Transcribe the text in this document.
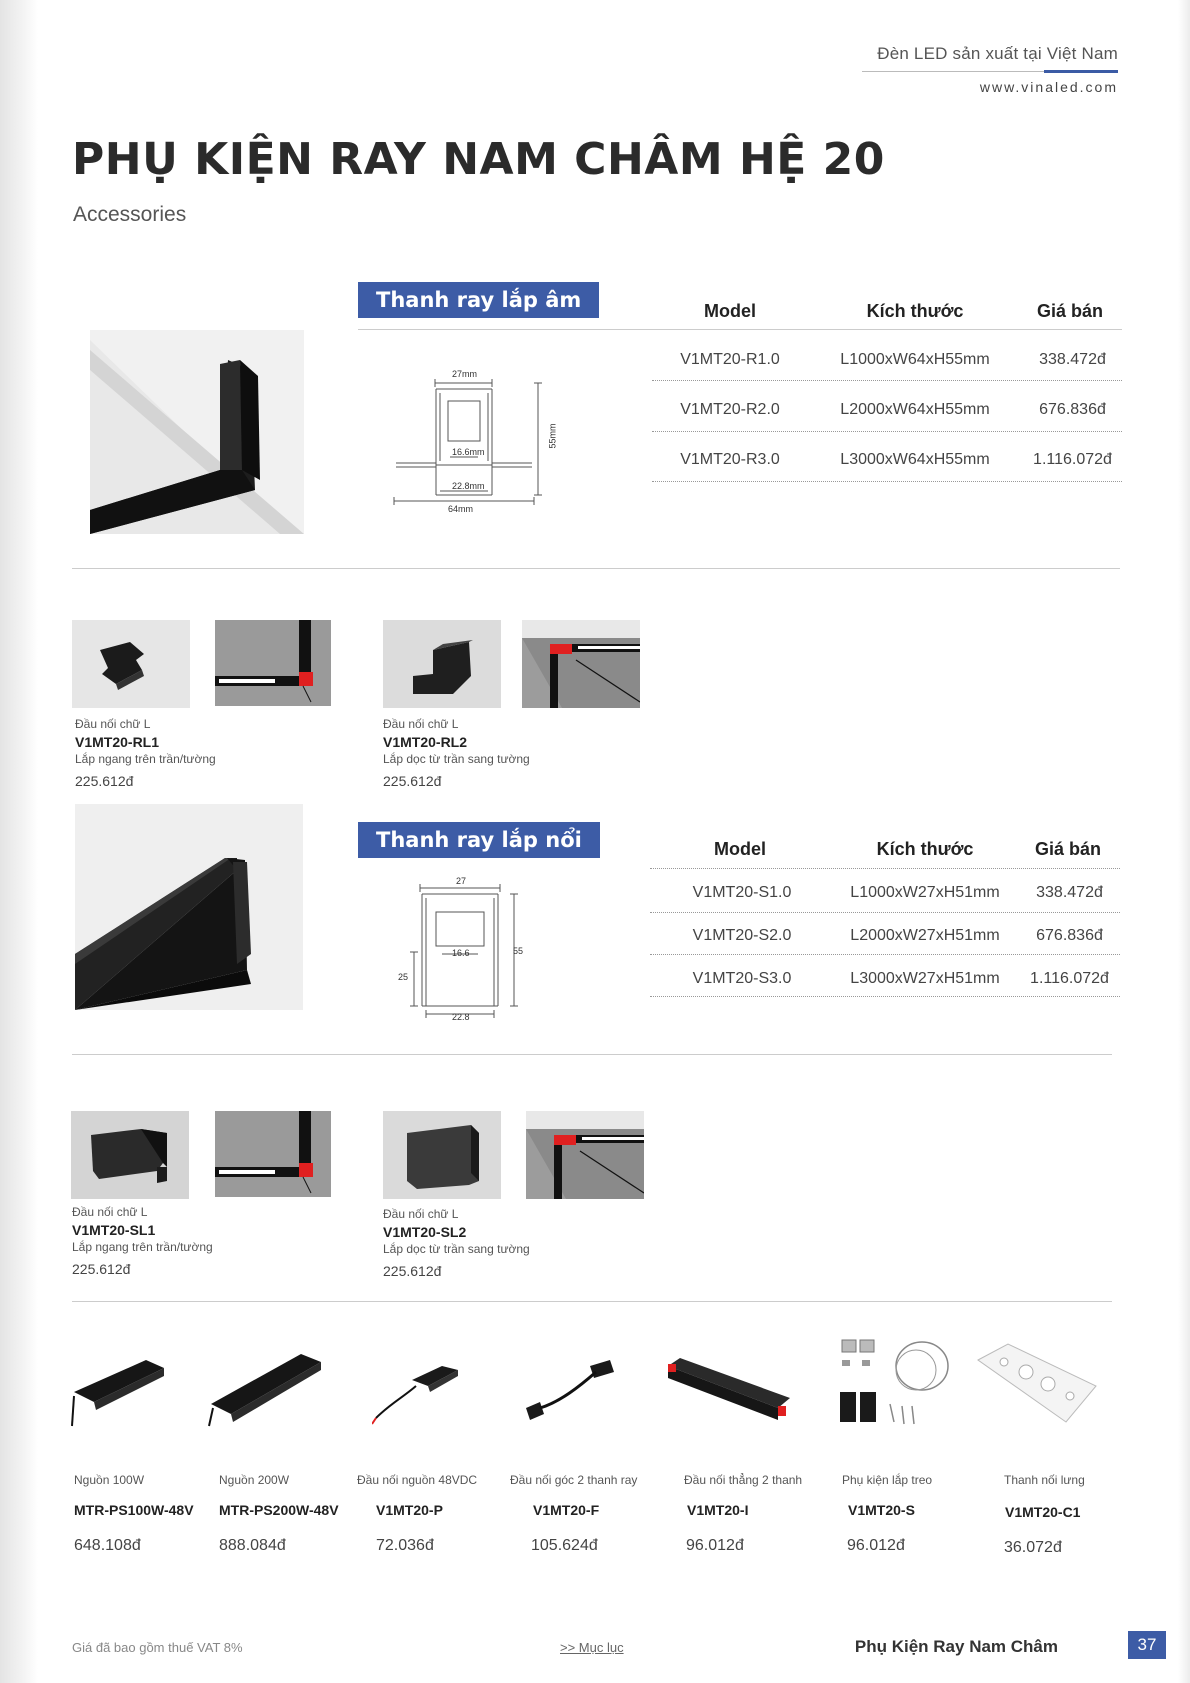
Đèn LED sản xuất tại Việt Nam
www.vinaled.com
PHỤ KIỆN RAY NAM CHÂM HỆ 20
Accessories
Thanh ray lắp âm	Model	Kích thước	Giá bán
V1MT20-R1.0	L1000xW64xH55mm	338.472đ
V1MT20-R2.0	L2000xW64xH55mm	676.836đ
V1MT20-R3.0	L3000xW64xH55mm	1.116.072đ
27mm
16.6mm
22.8mm
64mm
55mm
Đầu nối chữ L
V1MT20-RL1
Lắp ngang trên trần/tường
225.612đ
Đầu nối chữ L
V1MT20-RL2
Lắp dọc từ trần sang tường
225.612đ
Thanh ray lắp nổi	Model	Kích thước	Giá bán
V1MT20-S1.0	L1000xW27xH51mm	338.472đ
V1MT20-S2.0	L2000xW27xH51mm	676.836đ
V1MT20-S3.0	L3000xW27xH51mm	1.116.072đ
27
16.6
22.8
25
55
Đầu nối chữ L
V1MT20-SL1
Lắp ngang trên trần/tường
225.612đ
Đầu nối chữ L
V1MT20-SL2
Lắp dọc từ trần sang tường
225.612đ
Nguồn 100W
MTR-PS100W-48V
648.108đ
Nguồn 200W
MTR-PS200W-48V
888.084đ
Đầu nối nguồn 48VDC
V1MT20-P
72.036đ
Đầu nối góc 2 thanh ray
V1MT20-F
105.624đ
Đầu nối thẳng 2 thanh
V1MT20-I
96.012đ
Phụ kiện lắp treo
V1MT20-S
96.012đ
Thanh nối lưng
V1MT20-C1
36.072đ
Giá đã bao gồm thuế VAT 8%	>> Mục lục	Phụ Kiện Ray Nam Châm	37
